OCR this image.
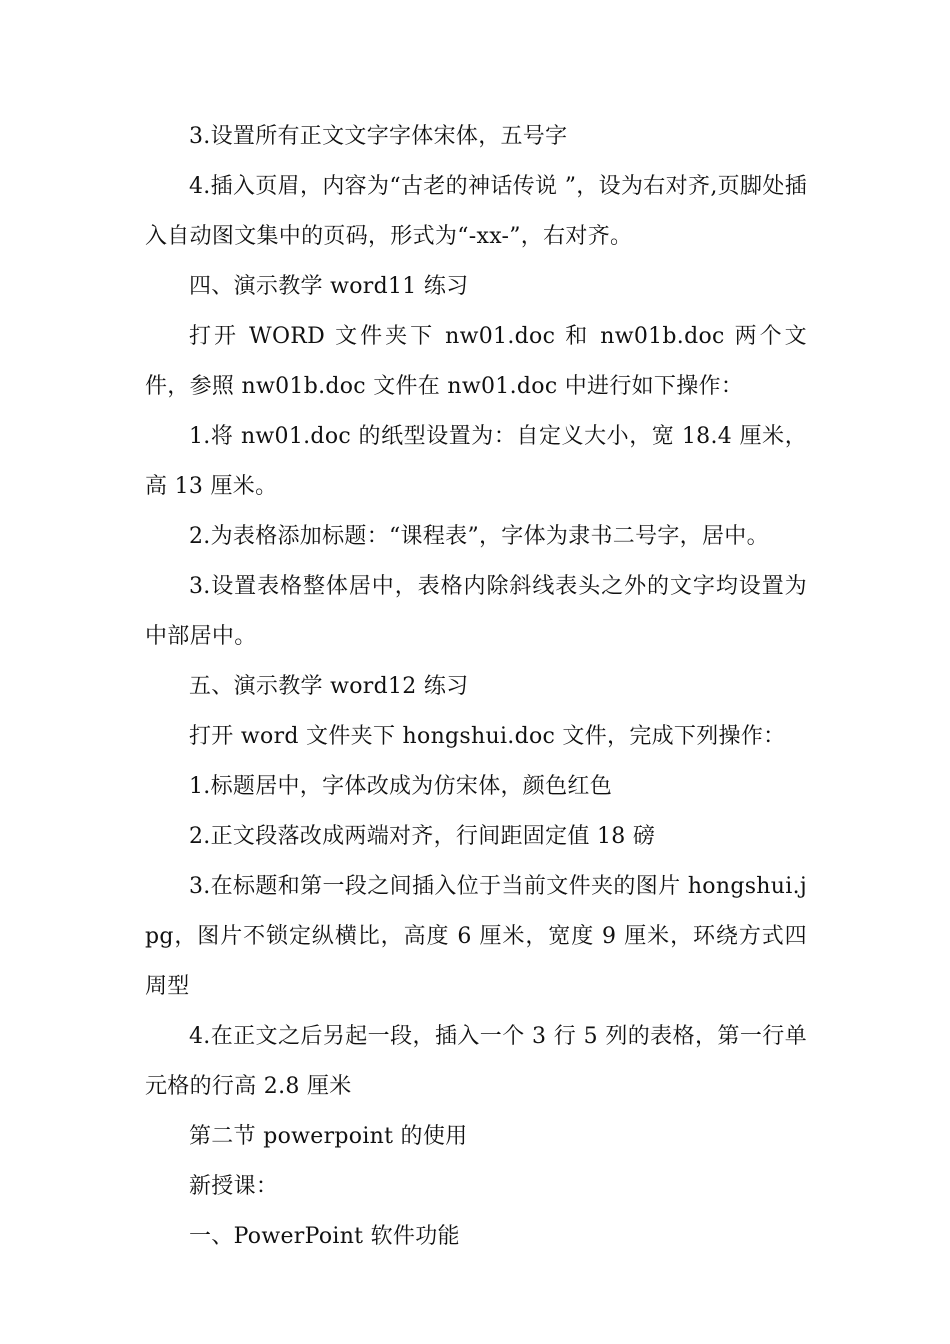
3.设置所有正文文字字体宋体，五号字

4.插入页眉，内容为“古老的神话传说 ”，设为右对齐,页脚处插入自动图文集中的页码，形式为“-xx-”，右对齐。

四、演示教学 word11 练习

打开 WORD 文件夹下 nw01.doc 和 nw01b.doc 两个文件，参照 nw01b.doc 文件在 nw01.doc 中进行如下操作：

1.将 nw01.doc 的纸型设置为：自定义大小，宽 18.4 厘米，高 13 厘米。

2.为表格添加标题：“课程表”，字体为隶书二号字，居中。

3.设置表格整体居中，表格内除斜线表头之外的文字均设置为中部居中。

五、演示教学 word12 练习

打开 word 文件夹下 hongshui.doc 文件，完成下列操作：

1.标题居中，字体改成为仿宋体，颜色红色

2.正文段落改成两端对齐，行间距固定值 18 磅

3.在标题和第一段之间插入位于当前文件夹的图片 hongshui.jpg，图片不锁定纵横比，高度 6 厘米，宽度 9 厘米，环绕方式四周型

4.在正文之后另起一段，插入一个 3 行 5 列的表格，第一行单元格的行高 2.8 厘米

第二节 powerpoint 的使用

新授课：

一、PowerPoint 软件功能
